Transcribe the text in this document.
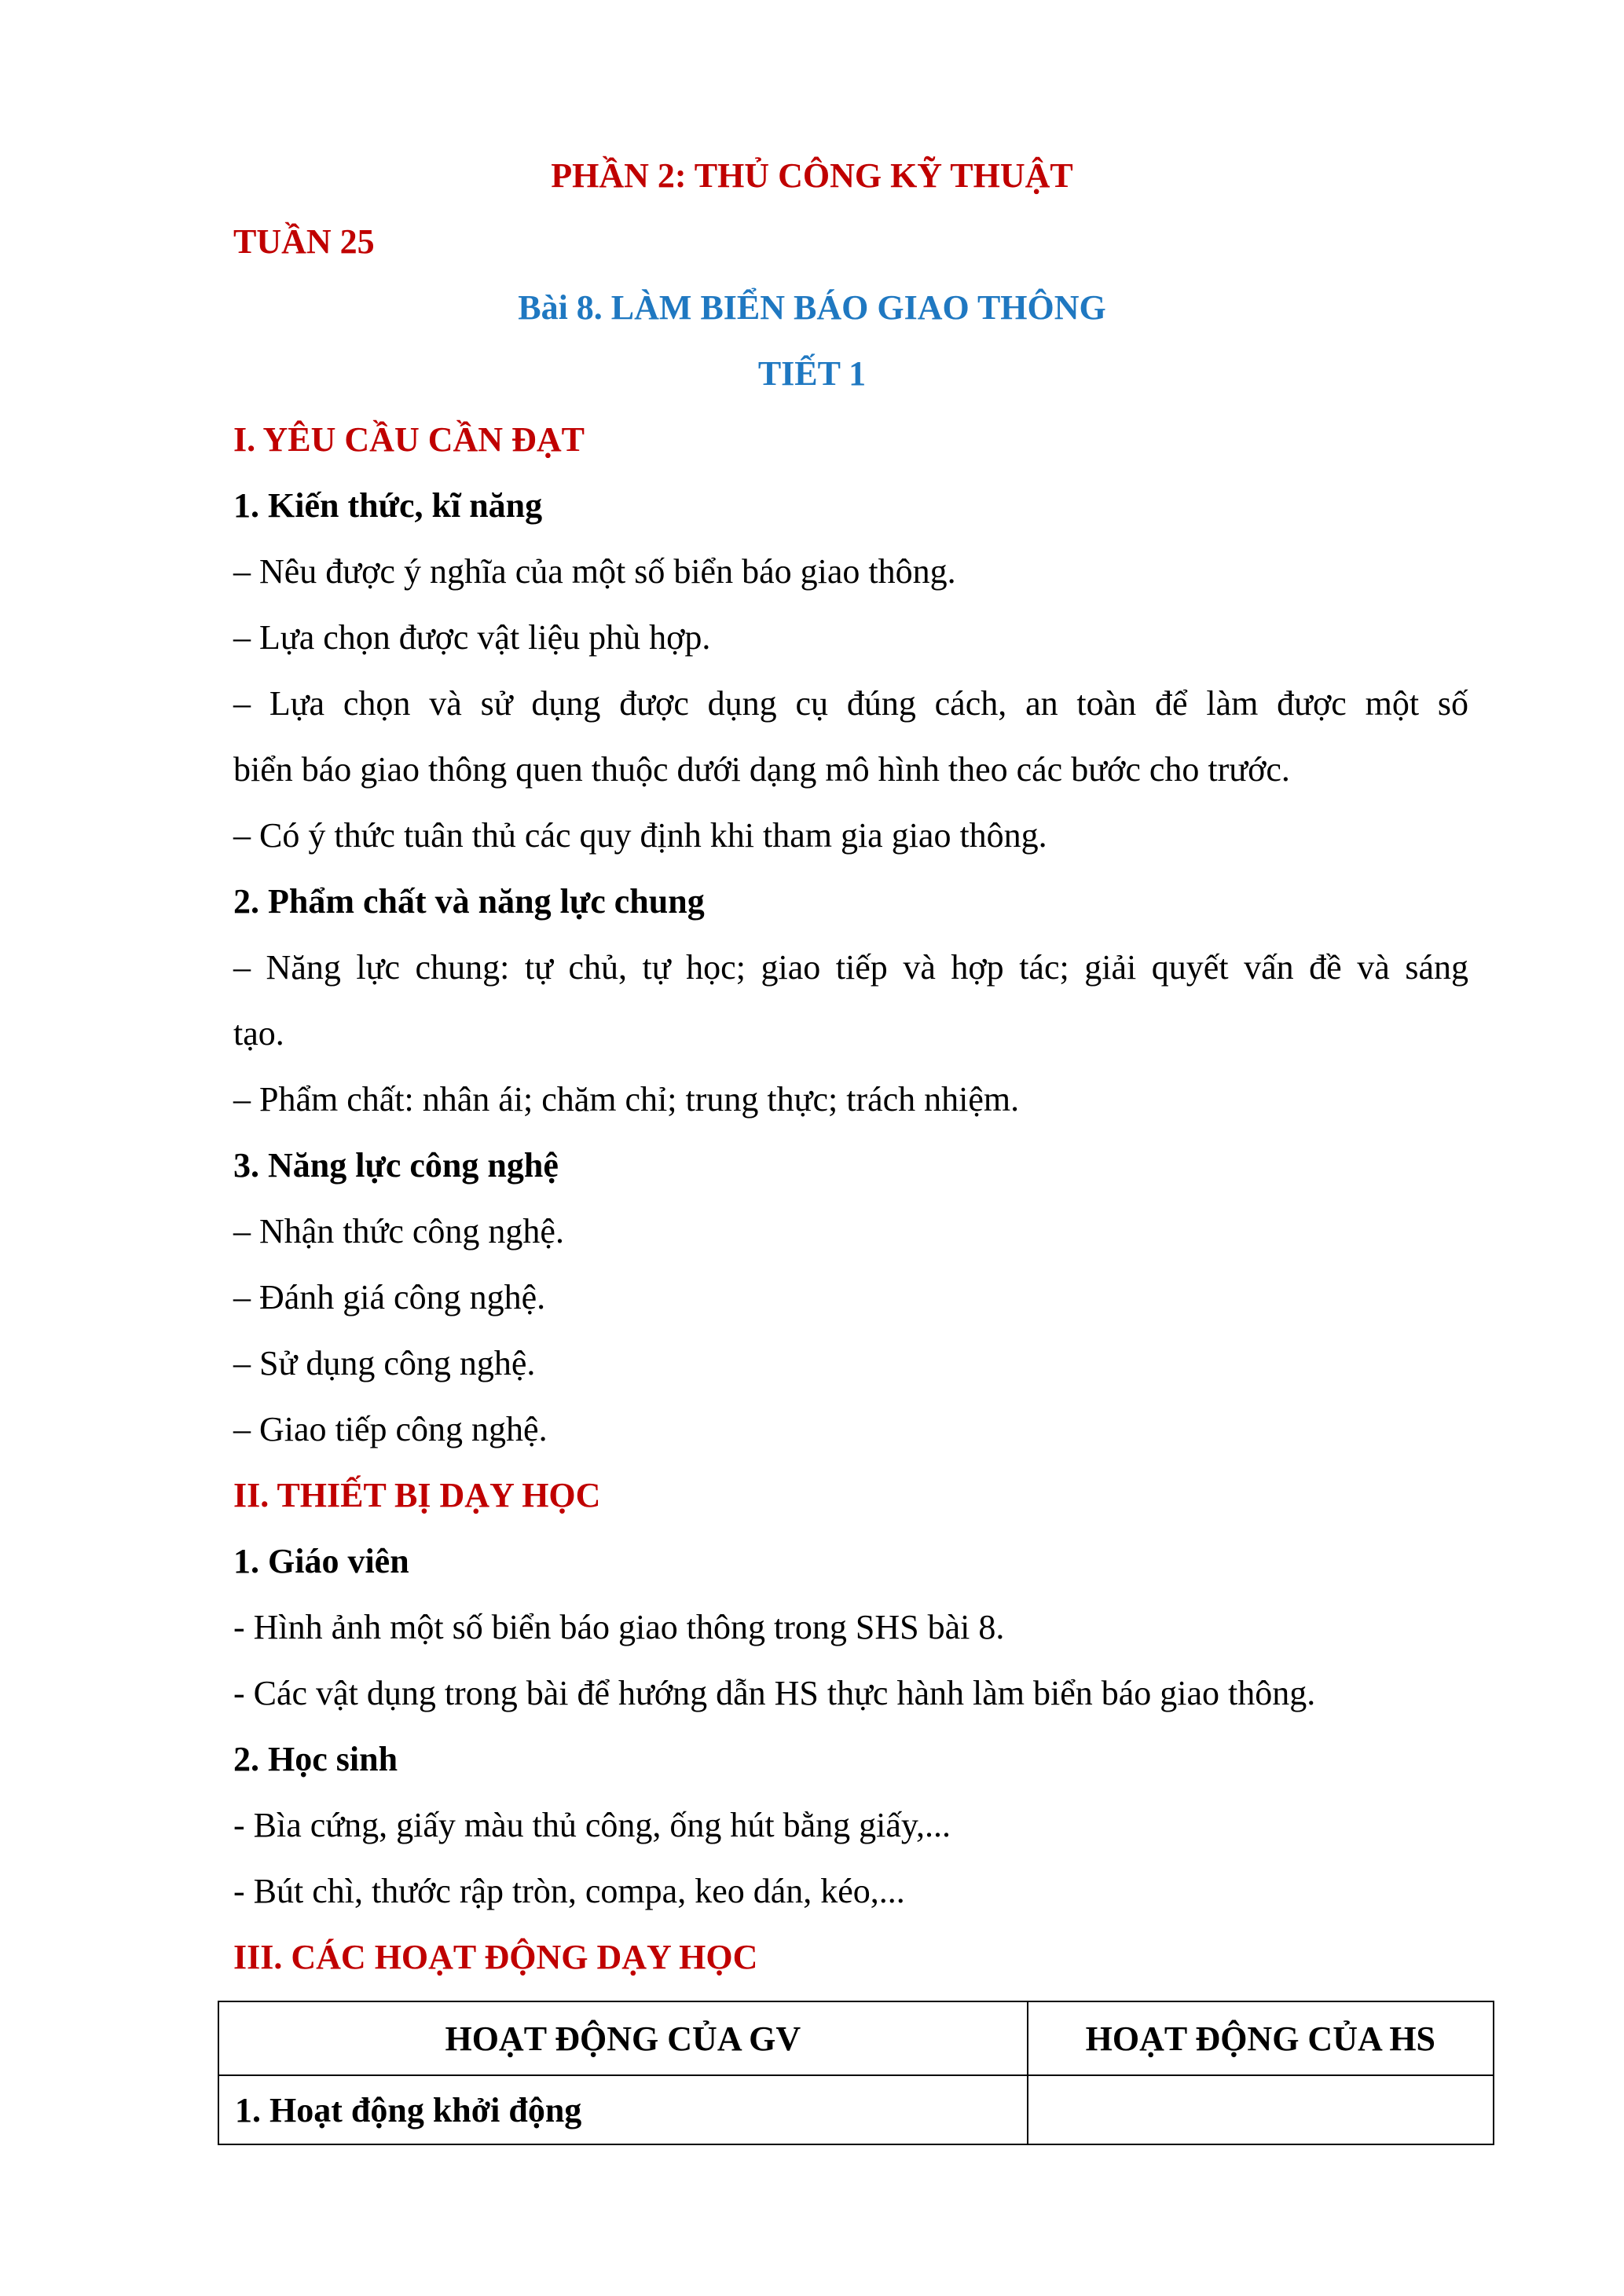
PHẦN 2: THỦ CÔNG KỸ THUẬT
TUẦN 25
Bài 8. LÀM BIỂN BÁO GIAO THÔNG
TIẾT 1
I. YÊU CẦU CẦN ĐẠT
1. Kiến thức, kĩ năng
– Nêu được ý nghĩa của một số biển báo giao thông.
– Lựa chọn được vật liệu phù hợp.
– Lựa chọn và sử dụng được dụng cụ đúng cách, an toàn để làm được một số
biển báo giao thông quen thuộc dưới dạng mô hình theo các bước cho trước.
– Có ý thức tuân thủ các quy định khi tham gia giao thông.
2. Phẩm chất và năng lực chung
– Năng lực chung: tự chủ, tự học; giao tiếp và hợp tác; giải quyết vấn đề và sáng
tạo.
– Phẩm chất: nhân ái; chăm chỉ; trung thực; trách nhiệm.
3. Năng lực công nghệ
– Nhận thức công nghệ.
– Đánh giá công nghệ.
– Sử dụng công nghệ.
– Giao tiếp công nghệ.
II. THIẾT BỊ DẠY HỌC
1. Giáo viên
- Hình ảnh một số biển báo giao thông trong SHS bài 8.
- Các vật dụng trong bài để hướng dẫn HS thực hành làm biển báo giao thông.
2. Học sinh
- Bìa cứng, giấy màu thủ công, ống hút bằng giấy,...
- Bút chì, thước rập tròn, compa, keo dán, kéo,...
III. CÁC HOẠT ĐỘNG DẠY HỌC
HOẠT ĐỘNG CỦA GV	HOẠT ĐỘNG CỦA HS
1. Hoạt động khởi động	
